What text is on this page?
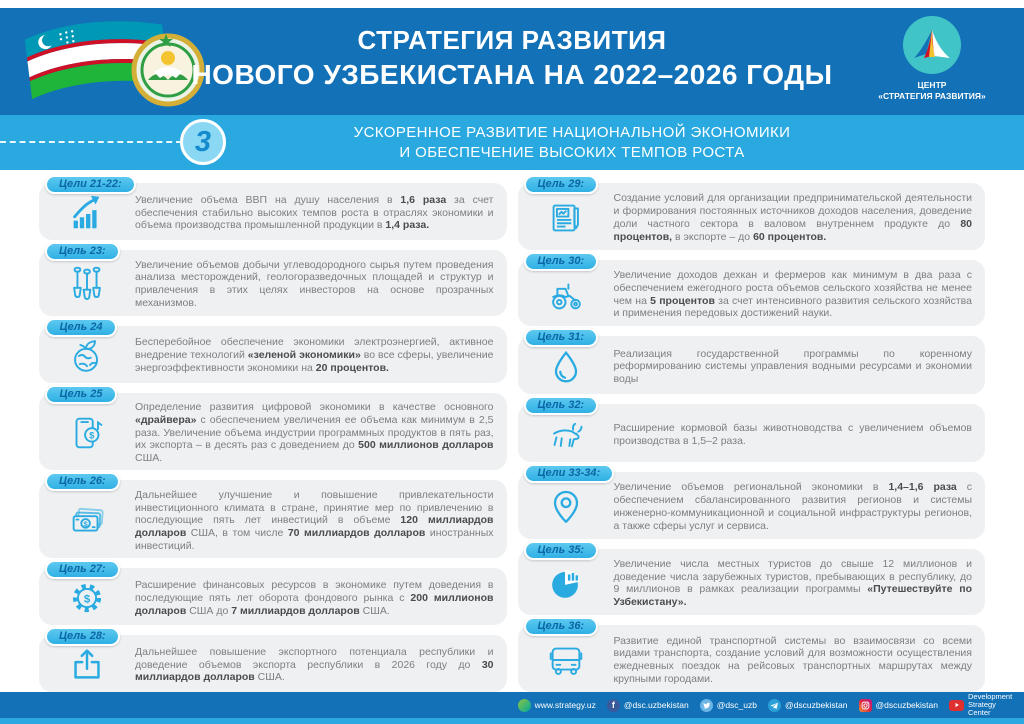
СТРАТЕГИЯ РАЗВИТИЯ
НОВОГО УЗБЕКИСТАНА НА 2022–2026 ГОДЫ	ЦЕНТР
«СТРАТЕГИЯ РАЗВИТИЯ»
3	УСКОРЕННОЕ РАЗВИТИЕ НАЦИОНАЛЬНОЙ ЭКОНОМИКИ
И ОБЕСПЕЧЕНИЕ ВЫСОКИХ ТЕМПОВ РОСТА
Цели 21-22:
Увеличение объема ВВП на душу населения в 1,6 раза за счет обеспечения стабильно высоких темпов роста в отраслях экономики и объема производства промышленной продукции в 1,4 раза.
Цель 23:
Увеличение объемов добычи углеводородного сырья путем проведения анализа месторождений, геологоразведочных площадей и структур и привлечения в этих целях инвесторов на основе прозрачных механизмов.
Цель 24
Бесперебойное обеспечение экономики электроэнергией, активное внедрение технологий «зеленой экономики» во все сферы, увеличение энергоэффективности экономики на 20 процентов.
Цель 25
$
Определение развития цифровой экономики в качестве основного «драйвера» с обеспечением увеличения ее объема как минимум в 2,5 раза. Увеличение объема индустрии программных продуктов в пять раз, их экспорта – в десять раз с доведением до 500 миллионов долларов США.
Цель 26:
$
Дальнейшее улучшение и повышение привлекательности инвестиционного климата в стране, принятие мер по привлечению в последующие пять лет инвестиций в объеме 120 миллиардов долларов США, в том числе 70 миллиардов долларов иностранных инвестиций.
Цель 27:
$
Расширение финансовых ресурсов в экономике путем доведения в последующие пять лет оборота фондового рынка с 200 миллионов долларов США до 7 миллиардов долларов США.
Цель 28:
Дальнейшее повышение экспортного потенциала республики и доведение объемов экспорта республики в 2026 году до 30 миллиардов долларов США.
Цель 29:
Создание условий для организации предпринимательской деятельности и формирования постоянных источников доходов населения, доведение доли частного сектора в валовом внутреннем продукте до 80 процентов, в экспорте – до 60 процентов.
Цель 30:
Увеличение доходов дехкан и фермеров как минимум в два раза с обеспечением ежегодного роста объемов сельского хозяйства не менее чем на 5 процентов за счет интенсивного развития сельского хозяйства и применения передовых достижений науки.
Цель 31:
Реализация государственной программы по коренному реформированию системы управления водными ресурсами и экономии воды
Цель 32:
Расширение кормовой базы животноводства с увеличением объемов производства в 1,5–2 раза.
Цели 33-34:
Увеличение объемов региональной экономики в 1,4–1,6 раза с обеспечением сбалансированного развития регионов и системы инженерно-коммуникационной и социальной инфраструктуры регионов, а также сферы услуг и сервиса.
Цель 35:
Увеличение числа местных туристов до свыше 12 миллионов и доведение числа зарубежных туристов, пребывающих в республику, до 9 миллионов в рамках реализации программы «Путешествуйте по Узбекистану».
Цель 36:
Развитие единой транспортной системы во взаимосвязи со всеми видами транспорта, создание условий для возможности осуществления ежедневных поездок на рейсовых транспортных маршрутах между крупными городами.
www.strategy.uz	f	@dsc.uzbekistan	@dsc_uzb	@dscuzbekistan	@dscuzbekistan
Development Strategy Center
